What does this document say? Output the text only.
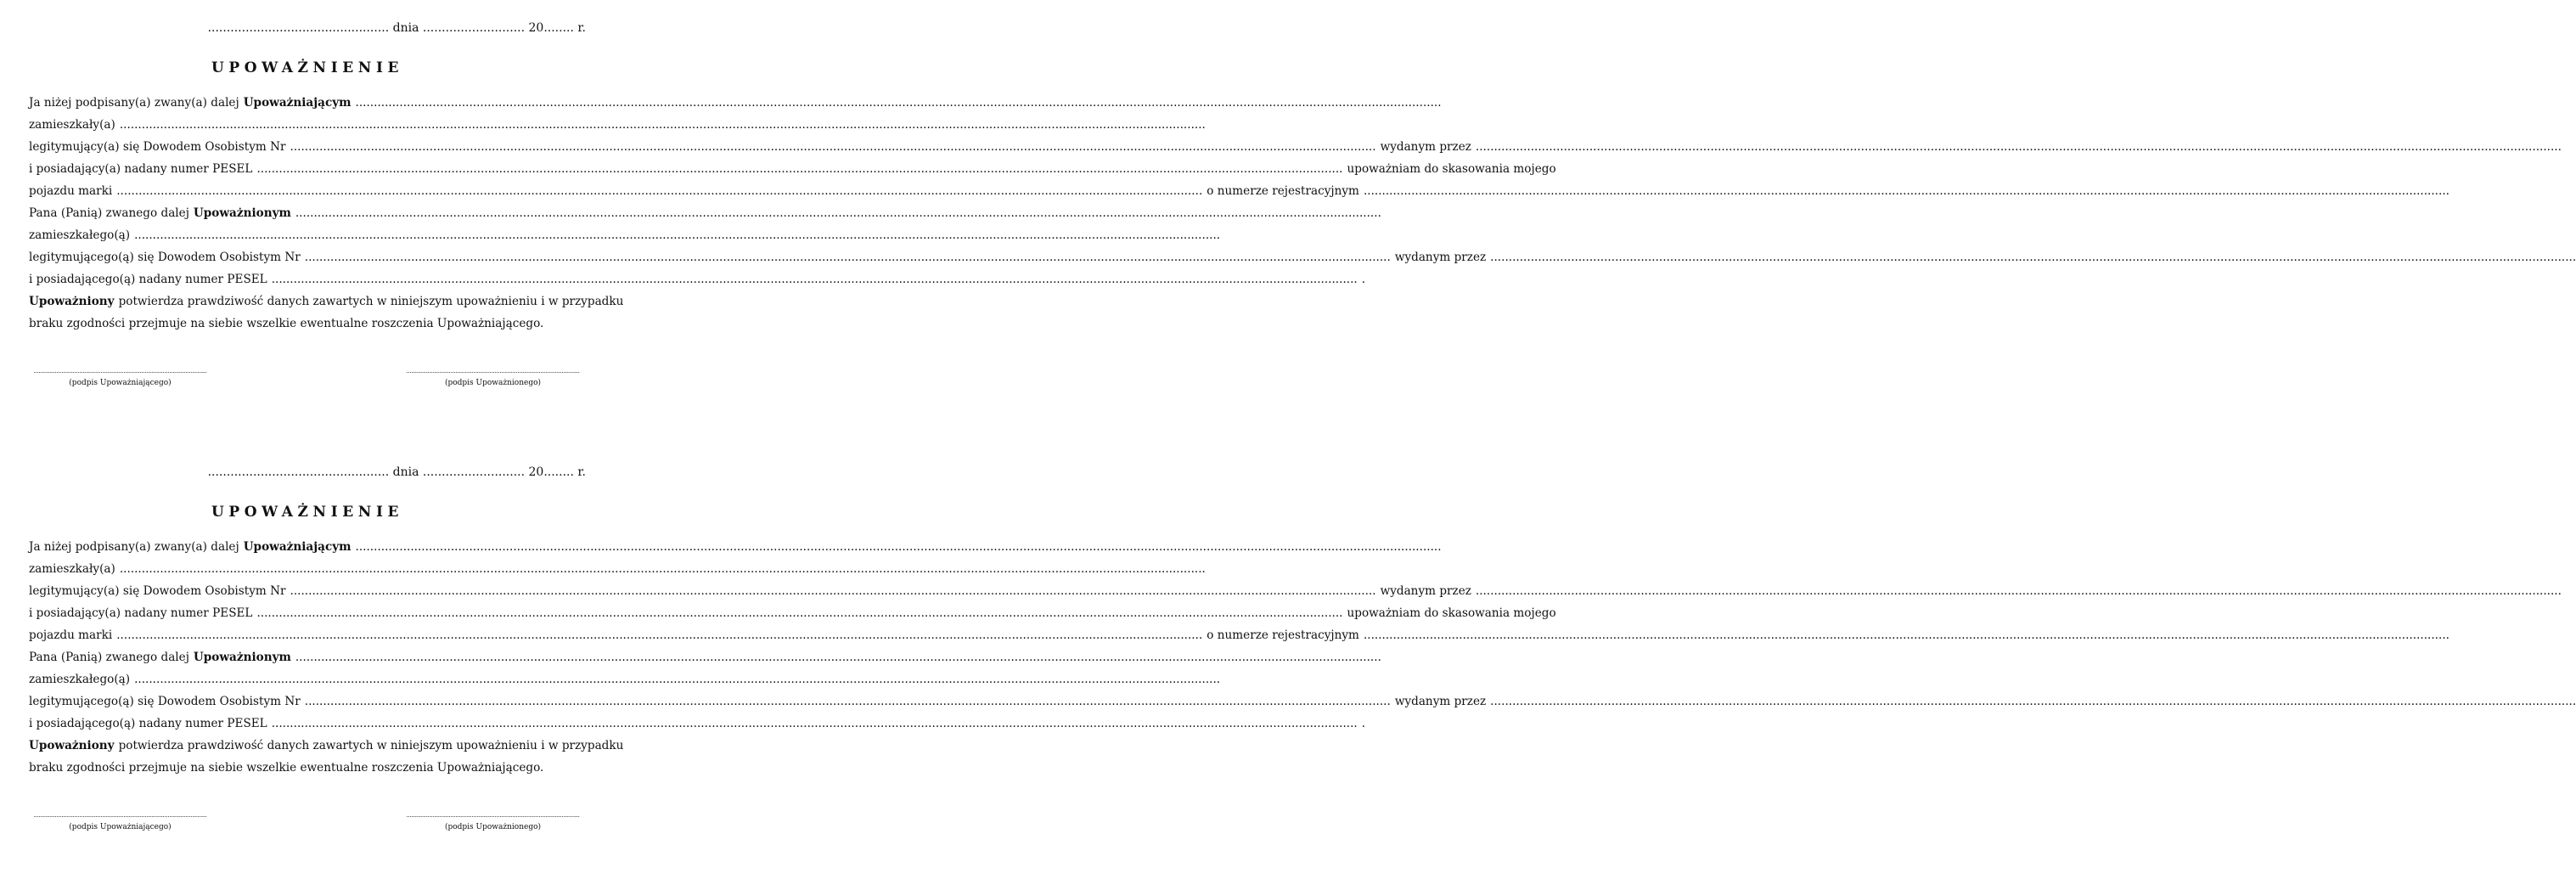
................................................ dnia ........................... 20........ r.
UPOWAŻNIENIE
Ja niżej podpisany(a) zwany(a) dalej Upoważniającym
.....
zamieszkały(a)
.....
legitymujący(a) się Dowodem Osobistym Nr .....	wydanym przez
.....
i posiadający(a) nadany numer PESEL .....	upoważniam do skasowania mojego
pojazdu marki .....	o numerze rejestracyjnym
.....
Pana (Panią) zwanego dalej Upoważnionym
.....
zamieszkałego(ą)
.....
legitymującego(ą) się Dowodem Osobistym Nr .....	wydanym przez
.....
i posiadającego(ą) nadany numer PESEL .....	.
Upoważniony potwierdza prawdziwość danych zawartych w niniejszym upoważnieniu i w przypadku
braku zgodności przejmuje na siebie wszelkie ewentualne roszczenia Upoważniającego.
..........................................................................................................
(podpis Upoważniającego)
..........................................................................................................
(podpis Upoważnionego)
................................................ dnia ........................... 20........ r.
UPOWAŻNIENIE
Ja niżej podpisany(a) zwany(a) dalej Upoważniającym
.....
zamieszkały(a)
.....
legitymujący(a) się Dowodem Osobistym Nr .....	wydanym przez
.....
i posiadający(a) nadany numer PESEL .....	upoważniam do skasowania mojego
pojazdu marki .....	o numerze rejestracyjnym
.....
Pana (Panią) zwanego dalej Upoważnionym
.....
zamieszkałego(ą)
.....
legitymującego(ą) się Dowodem Osobistym Nr .....	wydanym przez
.....
i posiadającego(ą) nadany numer PESEL .....	.
Upoważniony potwierdza prawdziwość danych zawartych w niniejszym upoważnieniu i w przypadku
braku zgodności przejmuje na siebie wszelkie ewentualne roszczenia Upoważniającego.
..........................................................................................................
(podpis Upoważniającego)
..........................................................................................................
(podpis Upoważnionego)
